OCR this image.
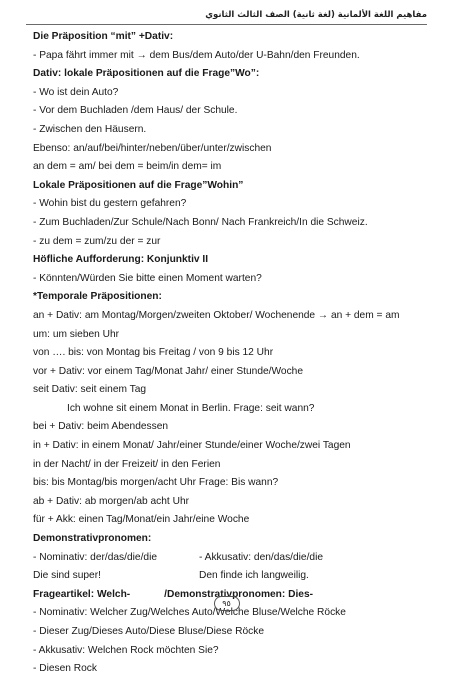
مفاهيم اللغة الألمانية (لغة ثانية) الصف الثالث الثانوي
Die Präposition “mit” +Dativ:
- Papa fährt immer mit → dem Bus/dem Auto/der U-Bahn/den Freunden.
Dativ: lokale Präpositionen auf die Frage”Wo”:
- Wo ist dein Auto?
- Vor dem Buchladen /dem Haus/ der Schule.
- Zwischen den Häusern.
Ebenso: an/auf/bei/hinter/neben/über/unter/zwischen
an dem = am/ bei dem = beim/in dem= im
Lokale Präpositionen auf die Frage”Wohin”
- Wohin bist du gestern gefahren?
- Zum Buchladen/Zur Schule/Nach Bonn/ Nach Frankreich/In die Schweiz.
- zu dem = zum/zu der = zur
Höfliche Aufforderung: Konjunktiv II
- Könnten/Würden Sie bitte einen Moment warten?
*Temporale Präpositionen:
an + Dativ: am Montag/Morgen/zweiten Oktober/ Wochenende → an + dem = am
um: um sieben Uhr
von …. bis: von Montag bis Freitag / von 9 bis 12 Uhr
vor + Dativ: vor einem Tag/Monat Jahr/ einer Stunde/Woche
seit Dativ: seit einem Tag
Ich wohne sit einem Monat in Berlin. Frage: seit wann?
bei + Dativ: beim Abendessen
in + Dativ: in einem Monat/ Jahr/einer Stunde/einer Woche/zwei Tagen
in der Nacht/ in der Freizeit/ in den Ferien
bis: bis Montag/bis morgen/acht Uhr Frage: Bis wann?
ab + Dativ: ab morgen/ab acht Uhr
für + Akk: einen Tag/Monat/ein Jahr/eine Woche
Demonstrativpronomen:
- Nominativ: der/das/die/die	- Akkusativ: den/das/die/die
Die sind super!	Den finde ich langweilig.
Frageartikel: Welch-            /Demonstrativpronomen: Dies-
- Nominativ: Welcher Zug/Welches Auto/Welche Bluse/Welche Röcke
- Dieser Zug/Dieses Auto/Diese Bluse/Diese Röcke
- Akkusativ: Welchen Rock möchten Sie?
- Diesen Rock
٩٥
